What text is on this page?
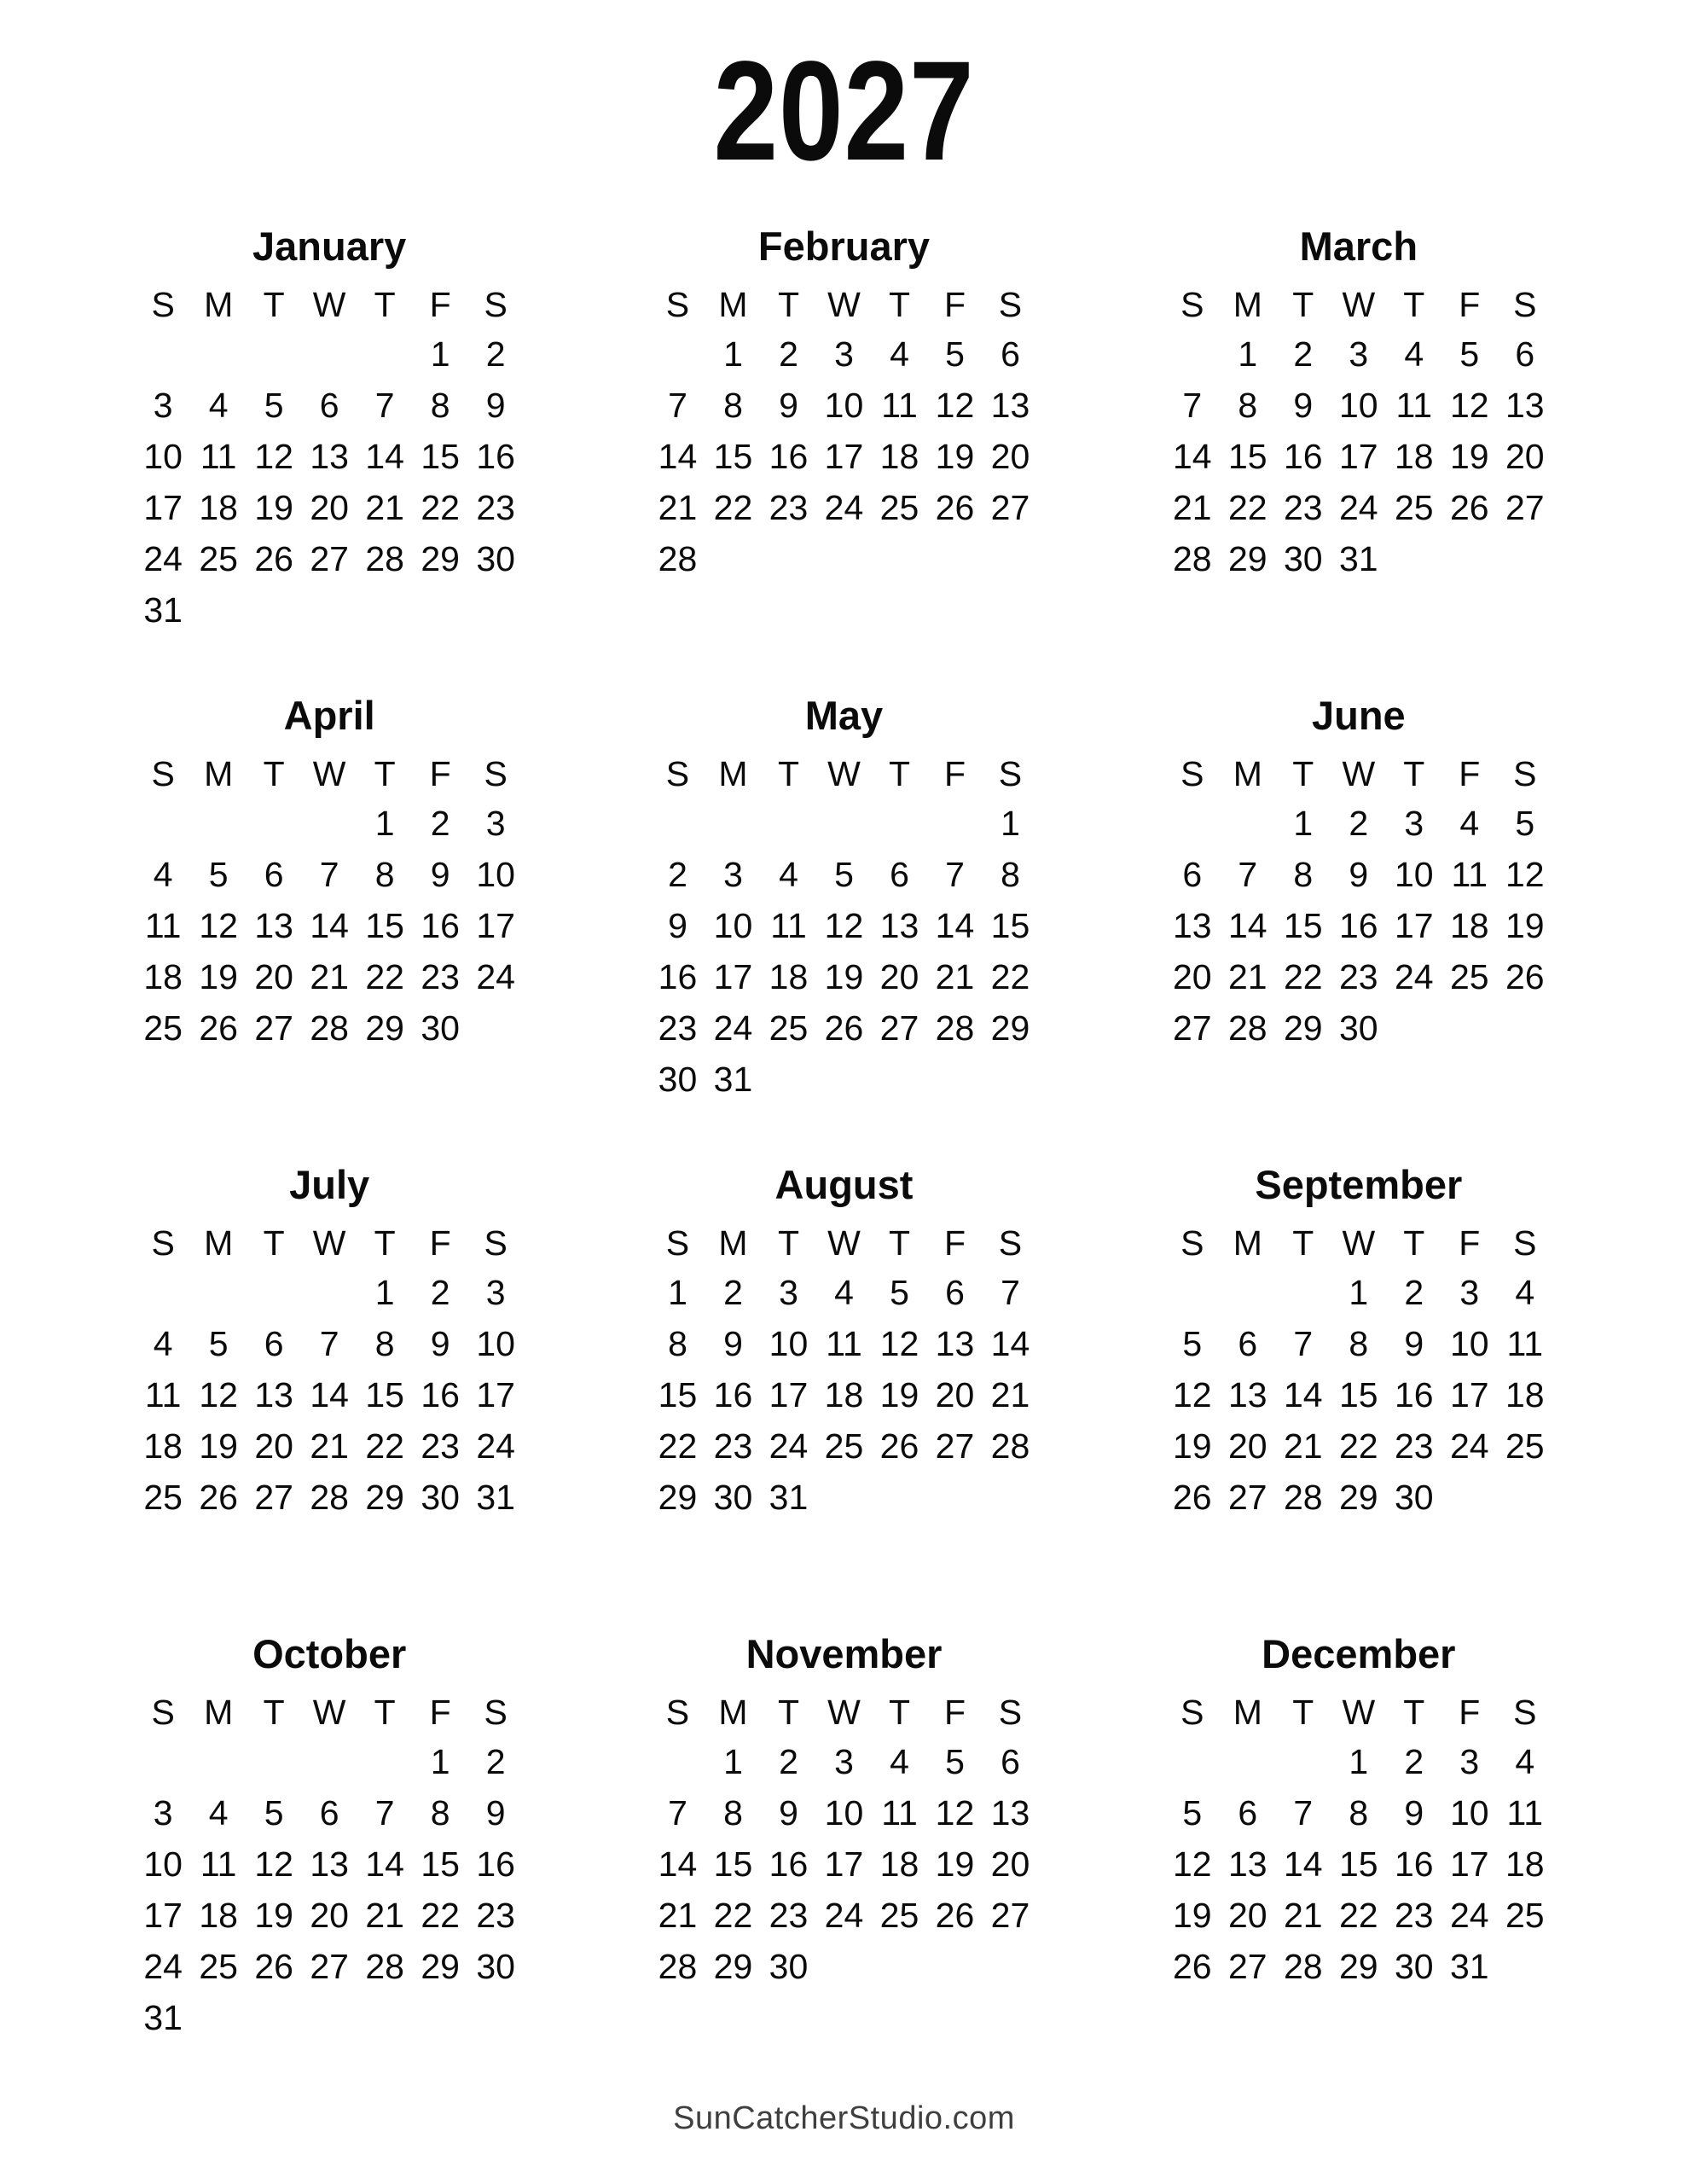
2027
January
S	M	T	W	T	F	S
					1	2
3	4	5	6	7	8	9
10	11	12	13	14	15	16
17	18	19	20	21	22	23
24	25	26	27	28	29	30
31						
February
S	M	T	W	T	F	S
	1	2	3	4	5	6
7	8	9	10	11	12	13
14	15	16	17	18	19	20
21	22	23	24	25	26	27
28						
March
S	M	T	W	T	F	S
	1	2	3	4	5	6
7	8	9	10	11	12	13
14	15	16	17	18	19	20
21	22	23	24	25	26	27
28	29	30	31			
April
S	M	T	W	T	F	S
				1	2	3
4	5	6	7	8	9	10
11	12	13	14	15	16	17
18	19	20	21	22	23	24
25	26	27	28	29	30	
May
S	M	T	W	T	F	S
						1
2	3	4	5	6	7	8
9	10	11	12	13	14	15
16	17	18	19	20	21	22
23	24	25	26	27	28	29
30	31					
June
S	M	T	W	T	F	S
		1	2	3	4	5
6	7	8	9	10	11	12
13	14	15	16	17	18	19
20	21	22	23	24	25	26
27	28	29	30			
July
S	M	T	W	T	F	S
				1	2	3
4	5	6	7	8	9	10
11	12	13	14	15	16	17
18	19	20	21	22	23	24
25	26	27	28	29	30	31
August
S	M	T	W	T	F	S
1	2	3	4	5	6	7
8	9	10	11	12	13	14
15	16	17	18	19	20	21
22	23	24	25	26	27	28
29	30	31				
September
S	M	T	W	T	F	S
			1	2	3	4
5	6	7	8	9	10	11
12	13	14	15	16	17	18
19	20	21	22	23	24	25
26	27	28	29	30		
October
S	M	T	W	T	F	S
					1	2
3	4	5	6	7	8	9
10	11	12	13	14	15	16
17	18	19	20	21	22	23
24	25	26	27	28	29	30
31						
November
S	M	T	W	T	F	S
	1	2	3	4	5	6
7	8	9	10	11	12	13
14	15	16	17	18	19	20
21	22	23	24	25	26	27
28	29	30				
December
S	M	T	W	T	F	S
			1	2	3	4
5	6	7	8	9	10	11
12	13	14	15	16	17	18
19	20	21	22	23	24	25
26	27	28	29	30	31	
SunCatcherStudio.com
